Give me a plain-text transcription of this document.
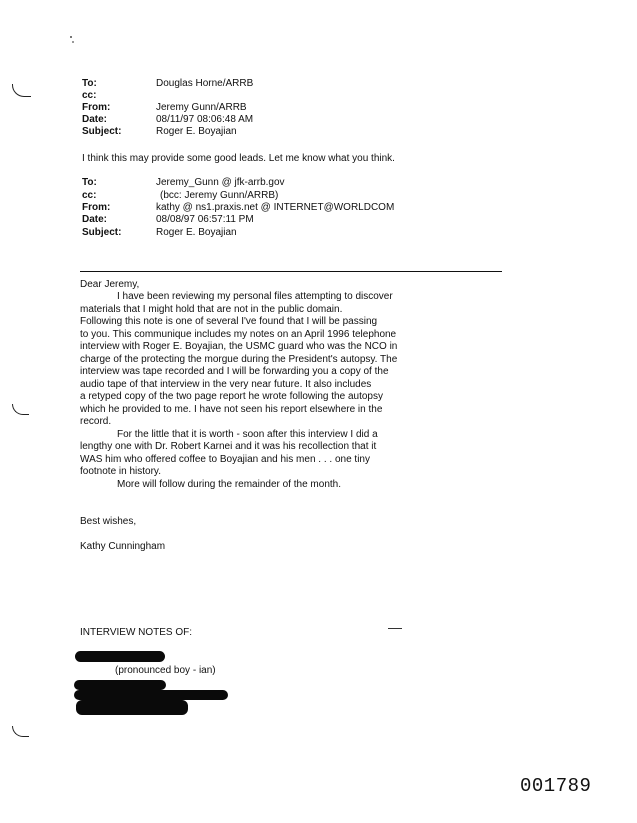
To:	Douglas Horne/ARRB
cc:
From:	Jeremy Gunn/ARRB
Date:	08/11/97 08:06:48 AM
Subject:	Roger E. Boyajian
I think this may provide some good leads. Let me know what you think.
To:	Jeremy_Gunn @ jfk-arrb.gov
cc:	(bcc: Jeremy Gunn/ARRB)
From:	kathy @ ns1.praxis.net @ INTERNET@WORLDCOM
Date:	08/08/97 06:57:11 PM
Subject:	Roger E. Boyajian
Dear Jeremy,
I have been reviewing my personal files attempting to discover
materials that I might hold that are not in the public domain.
Following this note is one of several I've found that I will be passing
to you. This communique includes my notes on an April 1996 telephone
interview with Roger E. Boyajian, the USMC guard who was the NCO in
charge of the protecting the morgue during the President's autopsy. The
interview was tape recorded and I will be forwarding you a copy of the
audio tape of that interview in the very near future. It also includes
a retyped copy of the two page report he wrote following the autopsy
which he provided to me. I have not seen his report elsewhere in the
record.
For the little that it is worth - soon after this interview I did a
lengthy one with Dr. Robert Karnei and it was his recollection that it
WAS him who offered coffee to Boyajian and his men . . . one tiny
footnote in history.
More will follow during the remainder of the month.
Best wishes,
Kathy Cunningham
INTERVIEW NOTES OF:
(pronounced boy - ian)
001789
